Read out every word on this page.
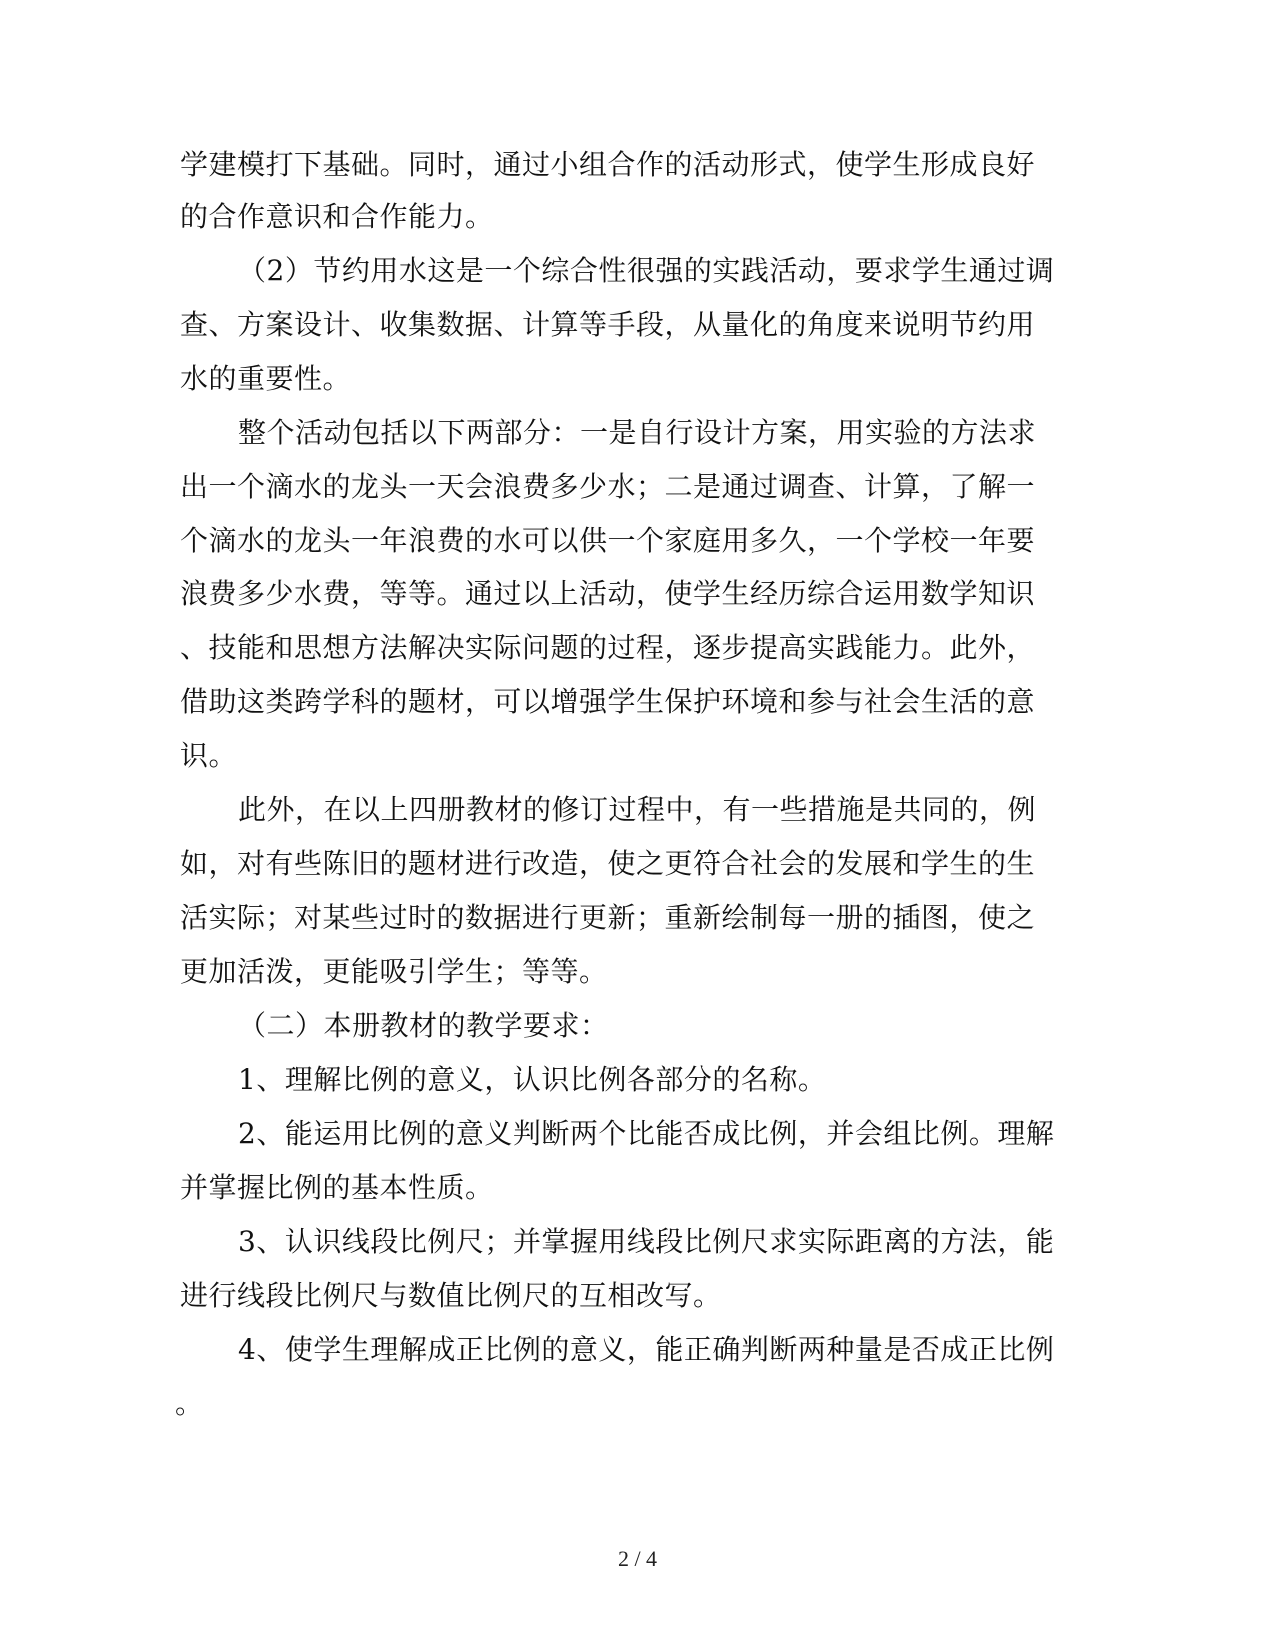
学建模打下基础。同时，通过小组合作的活动形式，使学生形成良好
的合作意识和合作能力。
（2）节约用水这是一个综合性很强的实践活动，要求学生通过调
查、方案设计、收集数据、计算等手段，从量化的角度来说明节约用
水的重要性。
整个活动包括以下两部分：一是自行设计方案，用实验的方法求
出一个滴水的龙头一天会浪费多少水；二是通过调查、计算，了解一
个滴水的龙头一年浪费的水可以供一个家庭用多久，一个学校一年要
浪费多少水费，等等。通过以上活动，使学生经历综合运用数学知识
、技能和思想方法解决实际问题的过程，逐步提高实践能力。此外，
借助这类跨学科的题材，可以增强学生保护环境和参与社会生活的意
识。
此外，在以上四册教材的修订过程中，有一些措施是共同的，例
如，对有些陈旧的题材进行改造，使之更符合社会的发展和学生的生
活实际；对某些过时的数据进行更新；重新绘制每一册的插图，使之
更加活泼，更能吸引学生；等等。
（二）本册教材的教学要求：
1、理解比例的意义，认识比例各部分的名称。
2、能运用比例的意义判断两个比能否成比例，并会组比例。理解
并掌握比例的基本性质。
3、认识线段比例尺；并掌握用线段比例尺求实际距离的方法，能
进行线段比例尺与数值比例尺的互相改写。
4、使学生理解成正比例的意义，能正确判断两种量是否成正比例
。
2 / 4
